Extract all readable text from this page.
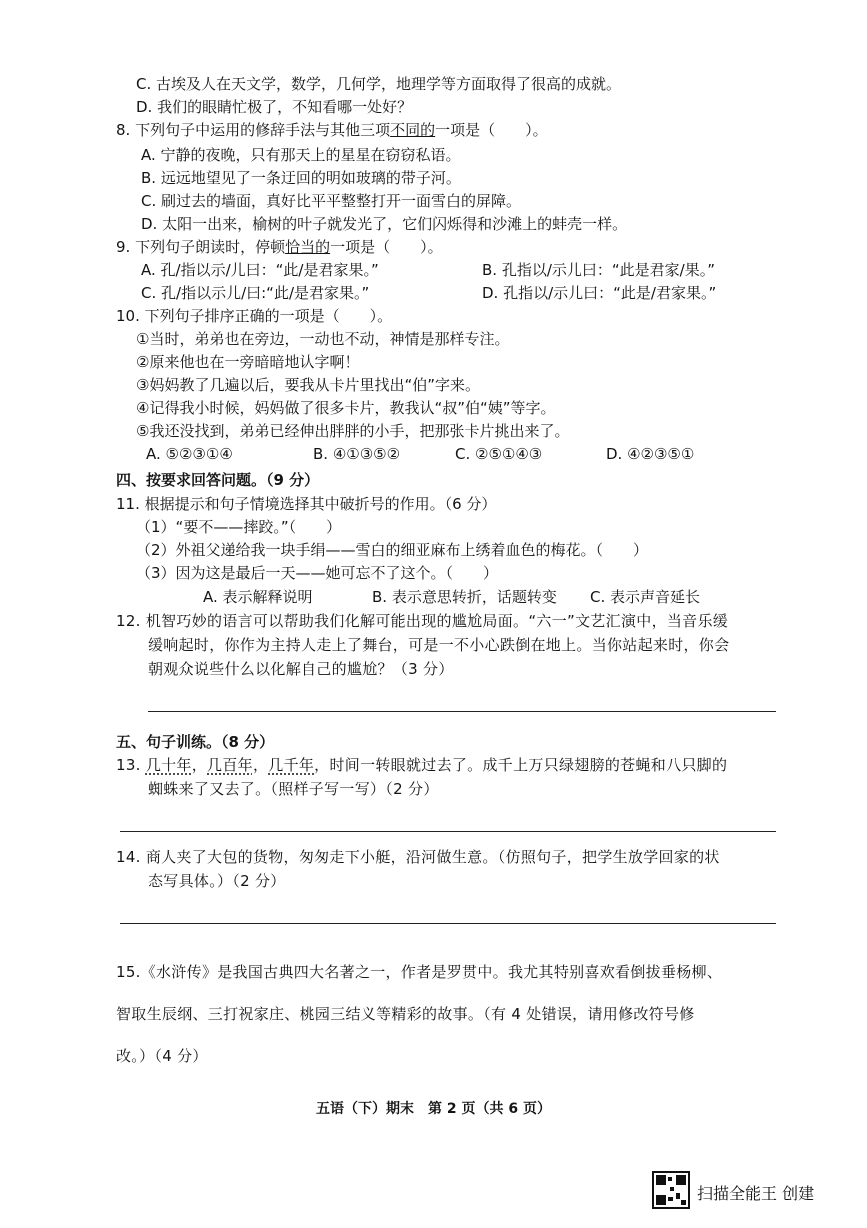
C. 古埃及人在天文学，数学，几何学，地理学等方面取得了很高的成就。
D. 我们的眼睛忙极了，不知看哪一处好？
8. 下列句子中运用的修辞手法与其他三项不同的一项是（　　）。
A. 宁静的夜晚，只有那天上的星星在窃窃私语。
B. 远远地望见了一条迂回的明如玻璃的带子河。
C. 刷过去的墙面，真好比平平整整打开一面雪白的屏障。
D. 太阳一出来，榆树的叶子就发光了，它们闪烁得和沙滩上的蚌壳一样。
9. 下列句子朗读时，停顿恰当的一项是（　　）。
A. 孔/指以示/儿曰：“此/是君家果。”	B. 孔指以/示儿曰：“此是君家/果。”
C. 孔/指以示儿/曰:“此/是君家果。”	D. 孔指以/示儿曰：“此是/君家果。”
10. 下列句子排序正确的一项是（　　）。
①当时，弟弟也在旁边，一动也不动，神情是那样专注。
②原来他也在一旁暗暗地认字啊！
③妈妈教了几遍以后，要我从卡片里找出“伯”字来。
④记得我小时候，妈妈做了很多卡片，教我认“叔”伯“姨”等字。
⑤我还没找到，弟弟已经伸出胖胖的小手，把那张卡片挑出来了。
A. ⑤②③①④	B. ④①③⑤②	C. ②⑤①④③	D. ④②③⑤①
四、按要求回答问题。（9 分）
11. 根据提示和句子情境选择其中破折号的作用。（6 分）
（1）“要不——摔跤。”（　　）
（2）外祖父递给我一块手绢——雪白的细亚麻布上绣着血色的梅花。（　　）
（3）因为这是最后一天——她可忘不了这个。（　　）
A. 表示解释说明	B. 表示意思转折，话题转变 C. 表示声音延长
12. 机智巧妙的语言可以帮助我们化解可能出现的尴尬局面。“六一”文艺汇演中，当音乐缓
缓响起时，你作为主持人走上了舞台，可是一不小心跌倒在地上。当你站起来时，你会
朝观众说些什么以化解自己的尴尬？（3 分）
五、句子训练。（8 分）
13. 几十年，几百年，几千年，时间一转眼就过去了。成千上万只绿翅膀的苍蝇和八只脚的
蜘蛛来了又去了。（照样子写一写）（2 分）
14. 商人夹了大包的货物，匆匆走下小艇，沿河做生意。（仿照句子，把学生放学回家的状
态写具体。）（2 分）
15.《水浒传》是我国古典四大名著之一，作者是罗贯中。我尤其特别喜欢看倒拔垂杨柳、
智取生辰纲、三打祝家庄、桃园三结义等精彩的故事。（有 4 处错误，请用修改符号修
改。）（4 分）
五语（下）期末　第 2 页（共 6 页）
扫描全能王 创建
